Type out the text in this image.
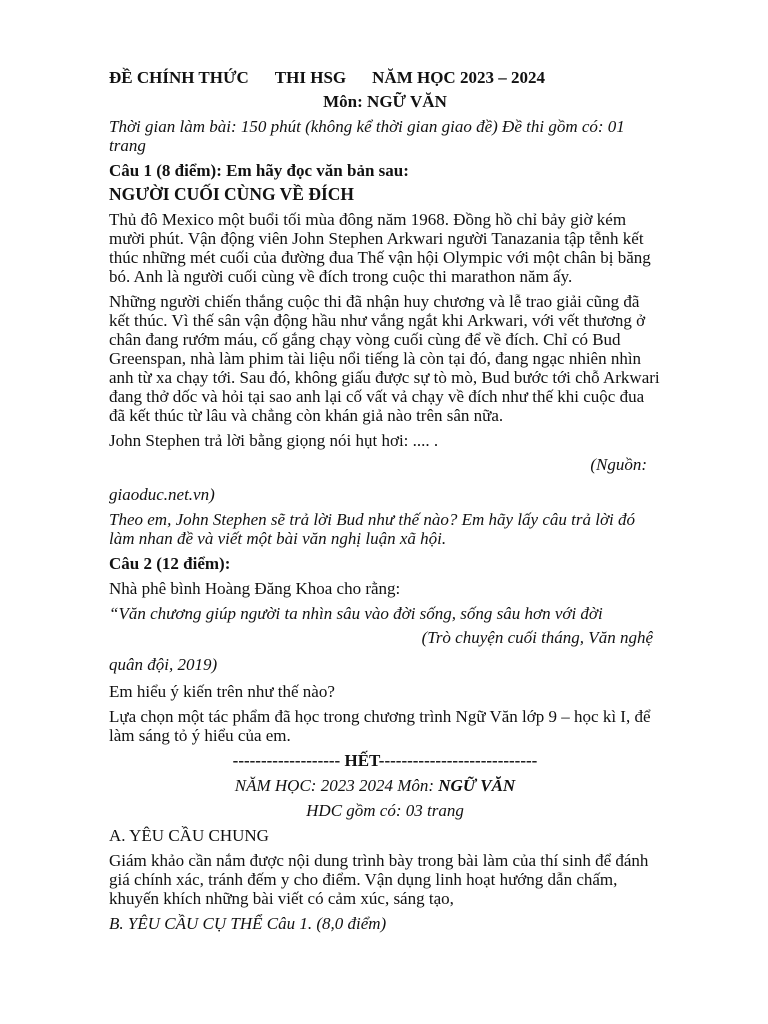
ĐỀ CHÍNH THỨC THI HSG NĂM HỌC 2023 – 2024
Môn: NGỮ VĂN
Thời gian làm bài: 150 phút (không kể thời gian giao đề) Đề thi gồm có: 01 trang
Câu 1 (8 điểm): Em hãy đọc văn bản sau:
NGƯỜI CUỐI CÙNG VỀ ĐÍCH
Thủ đô Mexico một buổi tối mùa đông năm 1968. Đồng hồ chỉ bảy giờ kém mười phút. Vận động viên John Stephen Arkwari người Tanazania tập tễnh kết thúc những mét cuối của đường đua Thế vận hội Olympic với một chân bị băng bó. Anh là người cuối cùng về đích trong cuộc thi marathon năm ấy.
Những người chiến thắng cuộc thi đã nhận huy chương và lễ trao giải cũng đã kết thúc. Vì thế sân vận động hầu như vắng ngắt khi Arkwari, với vết thương ở chân đang rướm máu, cố gắng chạy vòng cuối cùng để về đích. Chỉ có Bud Greenspan, nhà làm phim tài liệu nổi tiếng là còn tại đó, đang ngạc nhiên nhìn anh từ xa chạy tới. Sau đó, không giấu được sự tò mò, Bud bước tới chỗ Arkwari đang thở dốc và hỏi tại sao anh lại cố vất vả chạy về đích như thế khi cuộc đua đã kết thúc từ lâu và chẳng còn khán giả nào trên sân nữa.
John Stephen trả lời bằng giọng nói hụt hơi: .... .
(Nguồn:
giaoduc.net.vn)
Theo em, John Stephen sẽ trả lời Bud như thế nào? Em hãy lấy câu trả lời đó làm nhan đề và viết một bài văn nghị luận xã hội.
Câu 2 (12 điểm):
Nhà phê bình Hoàng Đăng Khoa cho rằng:
“Văn chương giúp người ta nhìn sâu vào đời sống, sống sâu hơn với đời
(Trò chuyện cuối tháng, Văn nghệ
quân đội, 2019)
Em hiểu ý kiến trên như thế nào?
Lựa chọn một tác phẩm đã học trong chương trình Ngữ Văn lớp 9 – học kì I, để làm sáng tỏ ý hiểu của em.
------------------- HẾT----------------------------
NĂM HỌC: 2023 2024 Môn: NGỮ VĂN
HDC gồm có: 03 trang
A. YÊU CẦU CHUNG
Giám khảo cần nắm được nội dung trình bày trong bài làm của thí sinh để đánh giá chính xác, tránh đếm y cho điểm. Vận dụng linh hoạt hướng dẫn chấm, khuyến khích những bài viết có cảm xúc, sáng tạo,
B. YÊU CẦU CỤ THỂ Câu 1. (8,0 điểm)
